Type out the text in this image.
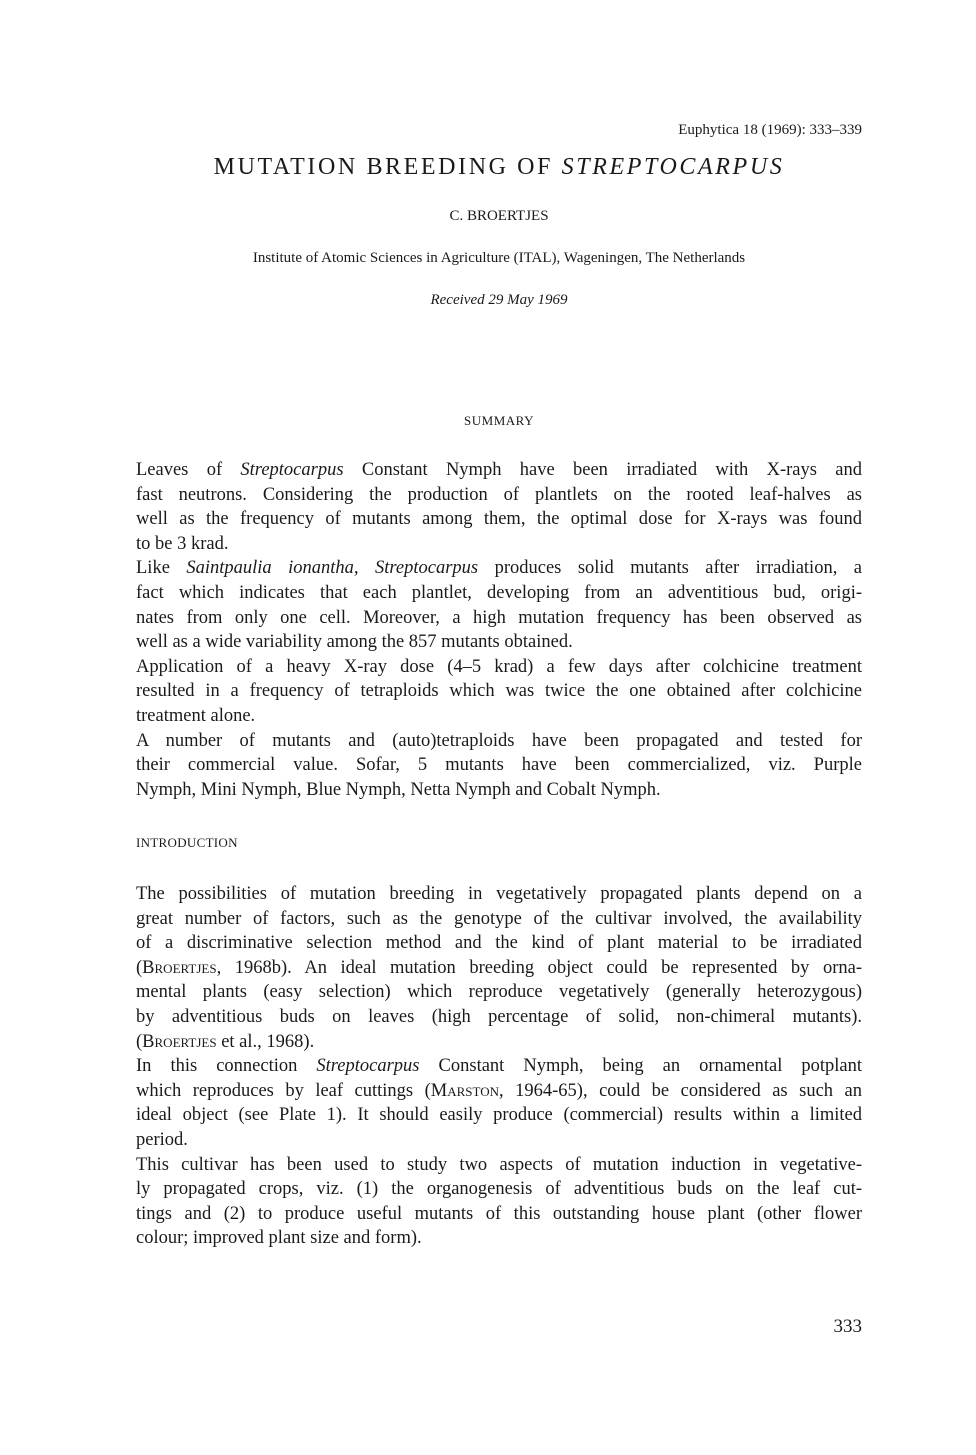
Euphytica 18 (1969): 333–339
MUTATION BREEDING OF STREPTOCARPUS
C. BROERTJES
Institute of Atomic Sciences in Agriculture (ITAL), Wageningen, The Netherlands
Received 29 May 1969
SUMMARY
Leaves of Streptocarpus Constant Nymph have been irradiated with X-rays and
fast neutrons. Considering the production of plantlets on the rooted leaf-halves as
well as the frequency of mutants among them, the optimal dose for X-rays was found
to be 3 krad.
Like Saintpaulia ionantha, Streptocarpus produces solid mutants after irradiation, a
fact which indicates that each plantlet, developing from an adventitious bud, origi-
nates from only one cell. Moreover, a high mutation frequency has been observed as
well as a wide variability among the 857 mutants obtained.
Application of a heavy X-ray dose (4–5 krad) a few days after colchicine treatment
resulted in a frequency of tetraploids which was twice the one obtained after colchicine
treatment alone.
A number of mutants and (auto)tetraploids have been propagated and tested for
their commercial value. Sofar, 5 mutants have been commercialized, viz. Purple
Nymph, Mini Nymph, Blue Nymph, Netta Nymph and Cobalt Nymph.
INTRODUCTION
The possibilities of mutation breeding in vegetatively propagated plants depend on a
great number of factors, such as the genotype of the cultivar involved, the availability
of a discriminative selection method and the kind of plant material to be irradiated
(Broertjes, 1968b). An ideal mutation breeding object could be represented by orna-
mental plants (easy selection) which reproduce vegetatively (generally heterozygous)
by adventitious buds on leaves (high percentage of solid, non-chimeral mutants).
(Broertjes et al., 1968).
In this connection Streptocarpus Constant Nymph, being an ornamental potplant
which reproduces by leaf cuttings (Marston, 1964-65), could be considered as such an
ideal object (see Plate 1). It should easily produce (commercial) results within a limited
period.
This cultivar has been used to study two aspects of mutation induction in vegetative-
ly propagated crops, viz. (1) the organogenesis of adventitious buds on the leaf cut-
tings and (2) to produce useful mutants of this outstanding house plant (other flower
colour; improved plant size and form).
333
